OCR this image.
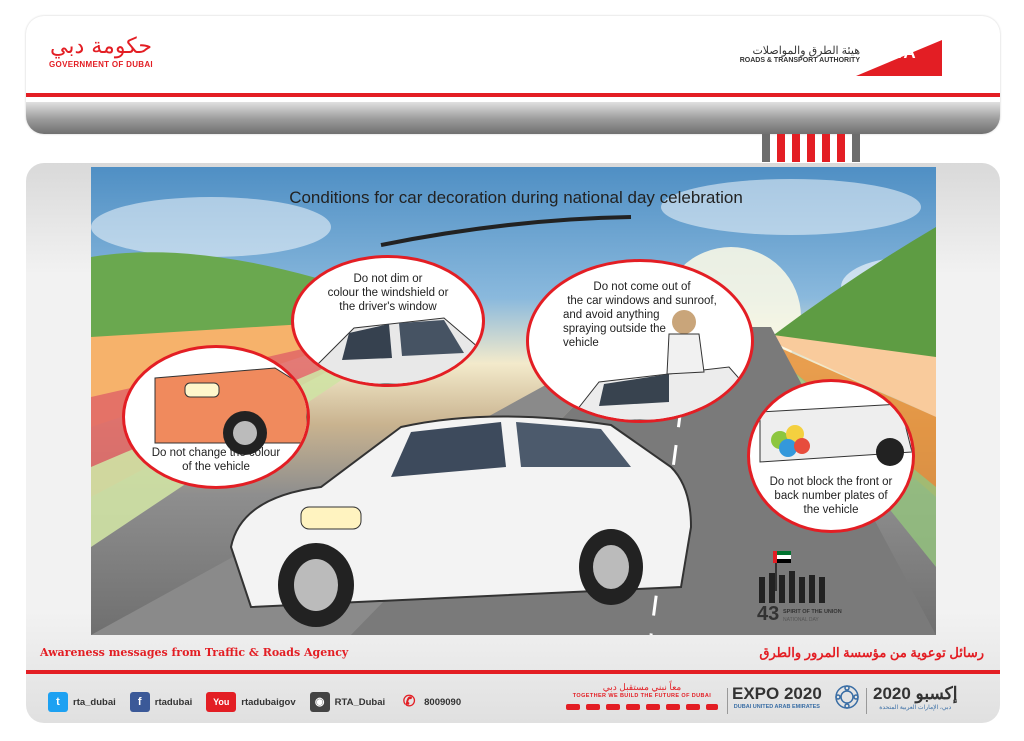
حكومة دبي
GOVERNMENT OF DUBAI
هيئة الطرق والمواصلات
ROADS & TRANSPORT AUTHORITY RTA
Conditions for car decoration during national day celebration
Do not dim or
colour the windshield or
the driver's window
Do not come out of
the car windows and sunroof,
and avoid anything
spraying outside the
vehicle
Do not change the colour
of the vehicle
Do not block the front or
back number plates of
the vehicle
43 SPIRIT OF THE UNION
NATIONAL DAY
Awareness messages from Traffic & Roads Agency	رسائل توعوية من مؤسسة المرور والطرق
t	rta_dubai	f	rtadubai	You	rtadubaigov	◉	RTA_Dubai ✆ 8009090
معاً نبني مستقبل دبي
TOGETHER WE BUILD THE FUTURE OF DUBAI	EXPO 2020
DUBAI UNITED ARAB EMIRATES
إكسبو 2020
دبي، الإمارات العربية المتحدة
